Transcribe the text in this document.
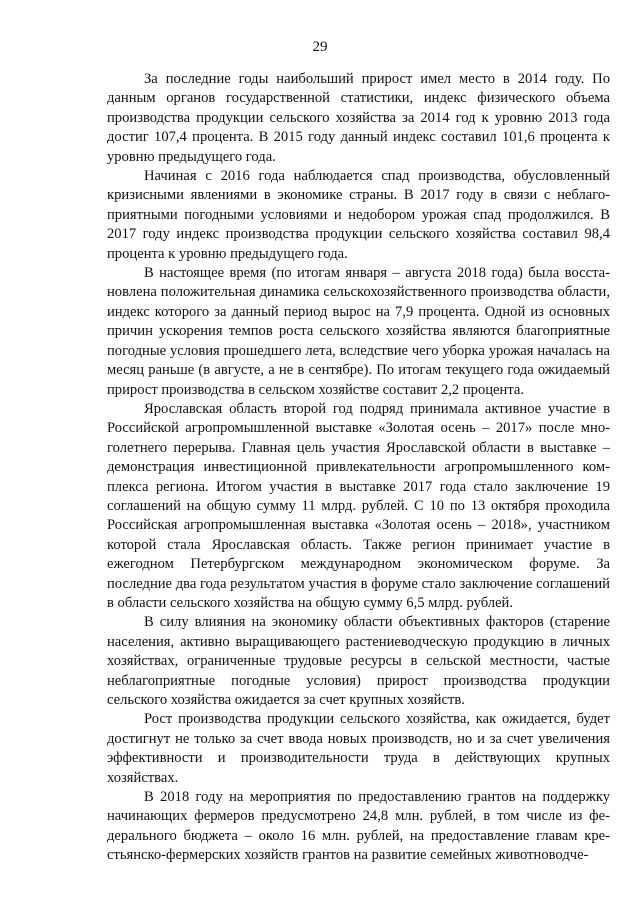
29

За последние годы наибольший прирост имел место в 2014 году. По данным органов государственной статистики, индекс физического объема производства продукции сельского хозяйства за 2014 год к уровню 2013 года достиг 107,4 процента. В 2015 году данный индекс составил 101,6 процента к уровню предыдущего года.

Начиная с 2016 года наблюдается спад производства, обусловленный кризисными явлениями в экономике страны. В 2017 году в связи с неблагоприятными погодными условиями и недобором урожая спад продолжился. В 2017 году индекс производства продукции сельского хозяйства составил 98,4 процента к уровню предыдущего года.

В настоящее время (по итогам января – августа 2018 года) была восстановлена положительная динамика сельскохозяйственного производства области, индекс которого за данный период вырос на 7,9 процента. Одной из основных причин ускорения темпов роста сельского хозяйства являются благоприятные погодные условия прошедшего лета, вследствие чего уборка урожая началась на месяц раньше (в августе, а не в сентябре). По итогам текущего года ожидаемый прирост производства в сельском хозяйстве составит 2,2 процента.

Ярославская область второй год подряд принимала активное участие в Российской агропромышленной выставке «Золотая осень – 2017» после многолетнего перерыва. Главная цель участия Ярославской области в выставке – демонстрация инвестиционной привлекательности агропромышленного комплекса региона. Итогом участия в выставке 2017 года стало заключение 19 соглашений на общую сумму 11 млрд. рублей. С 10 по 13 октября проходила Российская агропромышленная выставка «Золотая осень – 2018», участником которой стала Ярославская область. Также регион принимает участие в ежегодном Петербургском международном экономическом форуме. За последние два года результатом участия в форуме стало заключение соглашений в области сельского хозяйства на общую сумму 6,5 млрд. рублей.

В силу влияния на экономику области объективных факторов (старение населения, активно выращивающего растениеводческую продукцию в личных хозяйствах, ограниченные трудовые ресурсы в сельской местности, частые неблагоприятные погодные условия) прирост производства продукции сельского хозяйства ожидается за счет крупных хозяйств.

Рост производства продукции сельского хозяйства, как ожидается, будет достигнут не только за счет ввода новых производств, но и за счет увеличения эффективности и производительности труда в действующих крупных хозяйствах.

В 2018 году на мероприятия по предоставлению грантов на поддержку начинающих фермеров предусмотрено 24,8 млн. рублей, в том числе из федерального бюджета – около 16 млн. рублей, на предоставление главам крестьянско-фермерских хозяйств грантов на развитие семейных животноводче-
